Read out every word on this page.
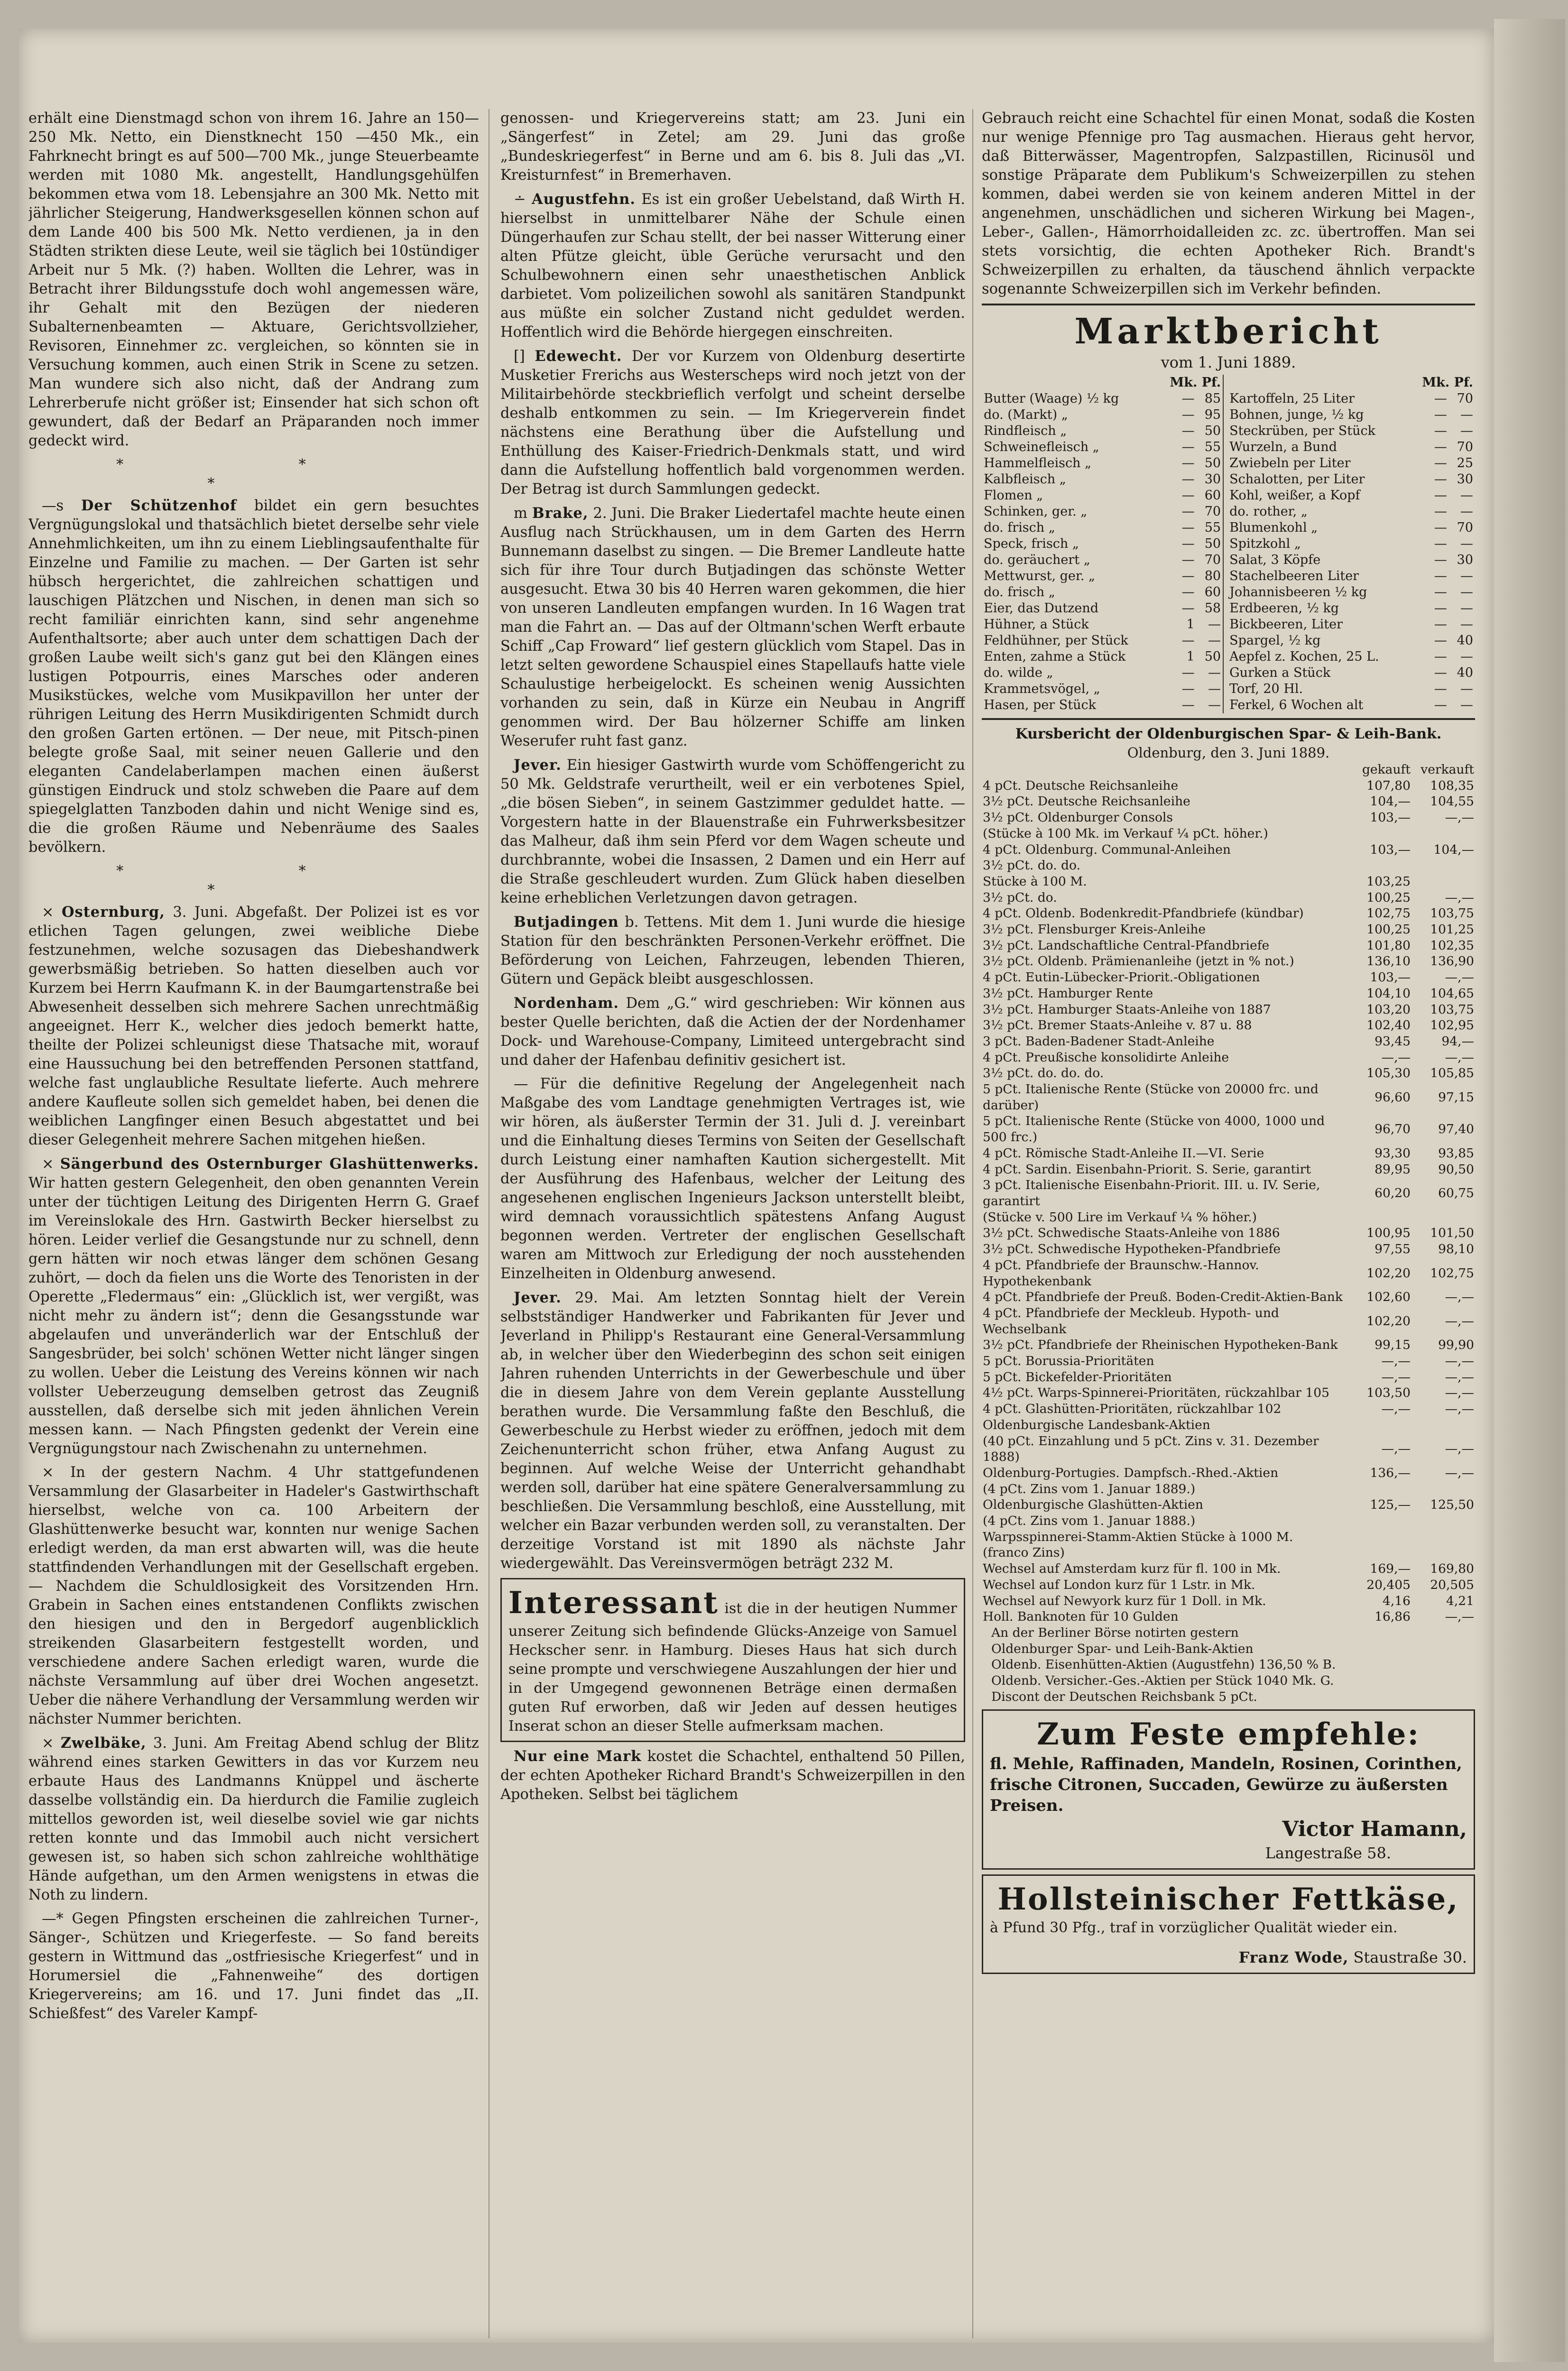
erhält eine Dienstmagd schon von ihrem 16. Jahre an 150—250 Mk. Netto, ein Dienstknecht 150 —450 Mk., ein Fahrknecht bringt es auf 500—700 Mk., junge Steuerbeamte werden mit 1080 Mk. angestellt, Handlungsgehülfen bekommen etwa vom 18. Lebensjahre an 300 Mk. Netto mit jährlicher Steigerung, Handwerksgesellen können schon auf dem Lande 400 bis 500 Mk. Netto verdienen, ja in den Städten strikten diese Leute, weil sie täglich bei 10stündiger Arbeit nur 5 Mk. (?) haben. Wollten die Lehrer, was in Betracht ihrer Bildungsstufe doch wohl angemessen wäre, ihr Gehalt mit den Bezügen der niederen Subalternenbeamten — Aktuare, Gerichtsvollzieher, Revisoren, Einnehmer zc. vergleichen, so könnten sie in Versuchung kommen, auch einen Strik in Scene zu setzen. Man wundere sich also nicht, daß der Andrang zum Lehrerberufe nicht größer ist; Einsender hat sich schon oft gewundert, daß der Bedarf an Präparanden noch immer gedeckt wird.

* * *

—s Der Schützenhof bildet ein gern besuchtes Vergnügungslokal und thatsächlich bietet derselbe sehr viele Annehmlichkeiten, um ihn zu einem Lieblingsaufenthalte für Einzelne und Familie zu machen. — Der Garten ist sehr hübsch hergerichtet, die zahlreichen schattigen und lauschigen Plätzchen und Nischen, in denen man sich so recht familiär einrichten kann, sind sehr angenehme Aufenthaltsorte; aber auch unter dem schattigen Dach der großen Laube weilt sich's ganz gut bei den Klängen eines lustigen Potpourris, eines Marsches oder anderen Musikstückes, welche vom Musikpavillon her unter der rührigen Leitung des Herrn Musikdirigenten Schmidt durch den großen Garten ertönen. — Der neue, mit Pitsch-pinen belegte große Saal, mit seiner neuen Gallerie und den eleganten Candelaberlampen machen einen äußerst günstigen Eindruck und stolz schweben die Paare auf dem spiegelglatten Tanzboden dahin und nicht Wenige sind es, die die großen Räume und Nebenräume des Saales bevölkern.

* * *

× Osternburg, 3. Juni. Abgefaßt. Der Polizei ist es vor etlichen Tagen gelungen, zwei weibliche Diebe festzunehmen, welche sozusagen das Diebeshandwerk gewerbsmäßig betrieben. So hatten dieselben auch vor Kurzem bei Herrn Kaufmann K. in der Baumgartenstraße bei Abwesenheit desselben sich mehrere Sachen unrechtmäßig angeeignet. Herr K., welcher dies jedoch bemerkt hatte, theilte der Polizei schleunigst diese Thatsache mit, worauf eine Haussuchung bei den betreffenden Personen stattfand, welche fast unglaubliche Resultate lieferte. Auch mehrere andere Kaufleute sollen sich gemeldet haben, bei denen die weiblichen Langfinger einen Besuch abgestattet und bei dieser Gelegenheit mehrere Sachen mitgehen hießen.

× Sängerbund des Osternburger Glashüttenwerks. Wir hatten gestern Gelegenheit, den oben genannten Verein unter der tüchtigen Leitung des Dirigenten Herrn G. Graef im Vereinslokale des Hrn. Gastwirth Becker hierselbst zu hören. Leider verlief die Gesangstunde nur zu schnell, denn gern hätten wir noch etwas länger dem schönen Gesang zuhört, — doch da fielen uns die Worte des Tenoristen in der Operette „Fledermaus“ ein: „Glücklich ist, wer vergißt, was nicht mehr zu ändern ist“; denn die Gesangsstunde war abgelaufen und unveränderlich war der Entschluß der Sangesbrüder, bei solch' schönen Wetter nicht länger singen zu wollen. Ueber die Leistung des Vereins können wir nach vollster Ueberzeugung demselben getrost das Zeugniß ausstellen, daß derselbe sich mit jeden ähnlichen Verein messen kann. — Nach Pfingsten gedenkt der Verein eine Vergnügungstour nach Zwischenahn zu unternehmen.

× In der gestern Nachm. 4 Uhr stattgefundenen Versammlung der Glasarbeiter in Hadeler's Gastwirthschaft hierselbst, welche von ca. 100 Arbeitern der Glashüttenwerke besucht war, konnten nur wenige Sachen erledigt werden, da man erst abwarten will, was die heute stattfindenden Verhandlungen mit der Gesellschaft ergeben. — Nachdem die Schuldlosigkeit des Vorsitzenden Hrn. Grabein in Sachen eines entstandenen Conflikts zwischen den hiesigen und den in Bergedorf augenblicklich streikenden Glasarbeitern festgestellt worden, und verschiedene andere Sachen erledigt waren, wurde die nächste Versammlung auf über drei Wochen angesetzt. Ueber die nähere Verhandlung der Versammlung werden wir nächster Nummer berichten.

× Zwelbäke, 3. Juni. Am Freitag Abend schlug der Blitz während eines starken Gewitters in das vor Kurzem neu erbaute Haus des Landmanns Knüppel und äscherte dasselbe vollständig ein. Da hierdurch die Familie zugleich mittellos geworden ist, weil dieselbe soviel wie gar nichts retten konnte und das Immobil auch nicht versichert gewesen ist, so haben sich schon zahlreiche wohlthätige Hände aufgethan, um den Armen wenigstens in etwas die Noth zu lindern.

—* Gegen Pfingsten erscheinen die zahlreichen Turner-, Sänger-, Schützen und Kriegerfeste. — So fand bereits gestern in Wittmund das „ostfriesische Kriegerfest“ und in Horumersiel die „Fahnenweihe“ des dortigen Kriegervereins; am 16. und 17. Juni findet das „II. Schießfest“ des Vareler Kampf-

genossen- und Kriegervereins statt; am 23. Juni ein „Sängerfest“ in Zetel; am 29. Juni das große „Bundeskriegerfest“ in Berne und am 6. bis 8. Juli das „VI. Kreisturnfest“ in Bremerhaven.

∸ Augustfehn. Es ist ein großer Uebelstand, daß Wirth H. hierselbst in unmittelbarer Nähe der Schule einen Düngerhaufen zur Schau stellt, der bei nasser Witterung einer alten Pfütze gleicht, üble Gerüche verursacht und den Schulbewohnern einen sehr unaesthetischen Anblick darbietet. Vom polizeilichen sowohl als sanitären Standpunkt aus müßte ein solcher Zustand nicht geduldet werden. Hoffentlich wird die Behörde hiergegen einschreiten.

[] Edewecht. Der vor Kurzem von Oldenburg desertirte Musketier Frerichs aus Westerscheps wird noch jetzt von der Militairbehörde steckbrieflich verfolgt und scheint derselbe deshalb entkommen zu sein. — Im Kriegerverein findet nächstens eine Berathung über die Aufstellung und Enthüllung des Kaiser-Friedrich-Denkmals statt, und wird dann die Aufstellung hoffentlich bald vorgenommen werden. Der Betrag ist durch Sammlungen gedeckt.

m Brake, 2. Juni. Die Braker Liedertafel machte heute einen Ausflug nach Strückhausen, um in dem Garten des Herrn Bunnemann daselbst zu singen. — Die Bremer Landleute hatte sich für ihre Tour durch Butjadingen das schönste Wetter ausgesucht. Etwa 30 bis 40 Herren waren gekommen, die hier von unseren Landleuten empfangen wurden. In 16 Wagen trat man die Fahrt an. — Das auf der Oltmann'schen Werft erbaute Schiff „Cap Froward“ lief gestern glücklich vom Stapel. Das in letzt selten gewordene Schauspiel eines Stapellaufs hatte viele Schaulustige herbeigelockt. Es scheinen wenig Aussichten vorhanden zu sein, daß in Kürze ein Neubau in Angriff genommen wird. Der Bau hölzerner Schiffe am linken Weserufer ruht fast ganz.

Jever. Ein hiesiger Gastwirth wurde vom Schöffengericht zu 50 Mk. Geldstrafe verurtheilt, weil er ein verbotenes Spiel, „die bösen Sieben“, in seinem Gastzimmer geduldet hatte. — Vorgestern hatte in der Blauenstraße ein Fuhrwerksbesitzer das Malheur, daß ihm sein Pferd vor dem Wagen scheute und durchbrannte, wobei die Insassen, 2 Damen und ein Herr auf die Straße geschleudert wurden. Zum Glück haben dieselben keine erheblichen Verletzungen davon getragen.

Butjadingen b. Tettens. Mit dem 1. Juni wurde die hiesige Station für den beschränkten Personen-Verkehr eröffnet. Die Beförderung von Leichen, Fahrzeugen, lebenden Thieren, Gütern und Gepäck bleibt ausgeschlossen.

Nordenham. Dem „G.“ wird geschrieben: Wir können aus bester Quelle berichten, daß die Actien der der Nordenhamer Dock- und Warehouse-Company, Limiteed untergebracht sind und daher der Hafenbau definitiv gesichert ist.

— Für die definitive Regelung der Angelegenheit nach Maßgabe des vom Landtage genehmigten Vertrages ist, wie wir hören, als äußerster Termin der 31. Juli d. J. vereinbart und die Einhaltung dieses Termins von Seiten der Gesellschaft durch Leistung einer namhaften Kaution sichergestellt. Mit der Ausführung des Hafenbaus, welcher der Leitung des angesehenen englischen Ingenieurs Jackson unterstellt bleibt, wird demnach voraussichtlich spätestens Anfang August begonnen werden. Vertreter der englischen Gesellschaft waren am Mittwoch zur Erledigung der noch ausstehenden Einzelheiten in Oldenburg anwesend.

Jever. 29. Mai. Am letzten Sonntag hielt der Verein selbstständiger Handwerker und Fabrikanten für Jever und Jeverland in Philipp's Restaurant eine General-Versammlung ab, in welcher über den Wiederbeginn des schon seit einigen Jahren ruhenden Unterrichts in der Gewerbeschule und über die in diesem Jahre von dem Verein geplante Ausstellung berathen wurde. Die Versammlung faßte den Beschluß, die Gewerbeschule zu Herbst wieder zu eröffnen, jedoch mit dem Zeichenunterricht schon früher, etwa Anfang August zu beginnen. Auf welche Weise der Unterricht gehandhabt werden soll, darüber hat eine spätere Generalversammlung zu beschließen. Die Versammlung beschloß, eine Ausstellung, mit welcher ein Bazar verbunden werden soll, zu veranstalten. Der derzeitige Vorstand ist mit 1890 als nächste Jahr wiedergewählt. Das Vereinsvermögen beträgt 232 M.

Interessant ist die in der heutigen Nummer unserer Zeitung sich befindende Glücks-Anzeige von Samuel Heckscher senr. in Hamburg. Dieses Haus hat sich durch seine prompte und verschwiegene Auszahlungen der hier und in der Umgegend gewonnenen Beträge einen dermaßen guten Ruf erworben, daß wir Jeden auf dessen heutiges Inserat schon an dieser Stelle aufmerksam machen.

Nur eine Mark kostet die Schachtel, enthaltend 50 Pillen, der echten Apotheker Richard Brandt's Schweizerpillen in den Apotheken. Selbst bei täglichem

Gebrauch reicht eine Schachtel für einen Monat, sodaß die Kosten nur wenige Pfennige pro Tag ausmachen. Hieraus geht hervor, daß Bitterwässer, Magentropfen, Salzpastillen, Ricinusöl und sonstige Präparate dem Publikum's Schweizerpillen zu stehen kommen, dabei werden sie von keinem anderen Mittel in der angenehmen, unschädlichen und sicheren Wirkung bei Magen-, Leber-, Gallen-, Hämorrhoidalleiden zc. zc. übertroffen. Man sei stets vorsichtig, die echten Apotheker Rich. Brandt's Schweizerpillen zu erhalten, da täuschend ähnlich verpackte sogenannte Schweizerpillen sich im Verkehr befinden.

Marktbericht
vom 1. Juni 1889.
Mk. Pf.				Mk. Pf.		
Butter (Waage) ½ kg	—	85		Kartoffeln, 25 Liter	—	70
do. (Markt) „	—	95		Bohnen, junge, ½ kg	—	—
Rindfleisch „	—	50		Steckrüben, per Stück	—	—
Schweinefleisch „	—	55		Wurzeln, a Bund	—	70
Hammelfleisch „	—	50		Zwiebeln per Liter	—	25
Kalbfleisch „	—	30		Schalotten, per Liter	—	30
Flomen „	—	60		Kohl, weißer, a Kopf	—	—
Schinken, ger. „	—	70		do. rother, „	—	—
do. frisch „	—	55		Blumenkohl „	—	70
Speck, frisch „	—	50		Spitzkohl „	—	—
do. geräuchert „	—	70		Salat, 3 Köpfe	—	30
Mettwurst, ger. „	—	80		Stachelbeeren Liter	—	—
do. frisch „	—	60		Johannisbeeren ½ kg	—	—
Eier, das Dutzend	—	58		Erdbeeren, ½ kg	—	—
Hühner, a Stück	1	—		Bickbeeren, Liter	—	—
Feldhühner, per Stück	—	—		Spargel, ½ kg	—	40
Enten, zahme a Stück	1	50		Aepfel z. Kochen, 25 L.	—	—
do. wilde „	—	—		Gurken a Stück	—	40
Krammetsvögel, „	—	—		Torf, 20 Hl.	—	—
Hasen, per Stück	—	—		Ferkel, 6 Wochen alt	—	—
Kursbericht der Oldenburgischen Spar- & Leih-Bank.
Oldenburg, den 3. Juni 1889.
	gekauft	verkauft
4 pCt. Deutsche Reichsanleihe	107,80	108,35
3½ pCt. Deutsche Reichsanleihe	104,—	104,55
3½ pCt. Oldenburger Consols	103,—	—,—
(Stücke à 100 Mk. im Verkauf ¼ pCt. höher.)		
4 pCt. Oldenburg. Communal-Anleihen	103,—	104,—
3½ pCt. do. do.		
Stücke à 100 M.	103,25	
3½ pCt. do.	100,25	—,—
4 pCt. Oldenb. Bodenkredit-Pfandbriefe (kündbar)	102,75	103,75
3½ pCt. Flensburger Kreis-Anleihe	100,25	101,25
3½ pCt. Landschaftliche Central-Pfandbriefe	101,80	102,35
3½ pCt. Oldenb. Prämienanleihe (jetzt in % not.)	136,10	136,90
4 pCt. Eutin-Lübecker-Priorit.-Obligationen	103,—	—,—
3½ pCt. Hamburger Rente	104,10	104,65
3½ pCt. Hamburger Staats-Anleihe von 1887	103,20	103,75
3½ pCt. Bremer Staats-Anleihe v. 87 u. 88	102,40	102,95
3 pCt. Baden-Badener Stadt-Anleihe	93,45	94,—
4 pCt. Preußische konsolidirte Anleihe	—,—	—,—
3½ pCt. do. do. do.	105,30	105,85
5 pCt. Italienische Rente (Stücke von 20000 frc. und darüber)	96,60	97,15
5 pCt. Italienische Rente (Stücke von 4000, 1000 und 500 frc.)	96,70	97,40
4 pCt. Römische Stadt-Anleihe II.—VI. Serie	93,30	93,85
4 pCt. Sardin. Eisenbahn-Priorit. S. Serie, garantirt	89,95	90,50
3 pCt. Italienische Eisenbahn-Priorit. III. u. IV. Serie, garantirt	60,20	60,75
(Stücke v. 500 Lire im Verkauf ¼ % höher.)		
3½ pCt. Schwedische Staats-Anleihe von 1886	100,95	101,50
3½ pCt. Schwedische Hypotheken-Pfandbriefe	97,55	98,10
4 pCt. Pfandbriefe der Braunschw.-Hannov. Hypothekenbank	102,20	102,75
4 pCt. Pfandbriefe der Preuß. Boden-Credit-Aktien-Bank	102,60	—,—
4 pCt. Pfandbriefe der Meckleub. Hypoth- und Wechselbank	102,20	—,—
3½ pCt. Pfandbriefe der Rheinischen Hypotheken-Bank	99,15	99,90
5 pCt. Borussia-Prioritäten	—,—	—,—
5 pCt. Bickefelder-Prioritäten	—,—	—,—
4½ pCt. Warps-Spinnerei-Prioritäten, rückzahlbar 105	103,50	—,—
4 pCt. Glashütten-Prioritäten, rückzahlbar 102	—,—	—,—
Oldenburgische Landesbank-Aktien		
(40 pCt. Einzahlung und 5 pCt. Zins v. 31. Dezember 1888)	—,—	—,—
Oldenburg-Portugies. Dampfsch.-Rhed.-Aktien	136,—	—,—
(4 pCt. Zins vom 1. Januar 1889.)		
Oldenburgische Glashütten-Aktien	125,—	125,50
(4 pCt. Zins vom 1. Januar 1888.)		
Warpsspinnerei-Stamm-Aktien Stücke à 1000 M.		
(franco Zins)		
Wechsel auf Amsterdam kurz für fl. 100 in Mk.	169,—	169,80
Wechsel auf London kurz für 1 Lstr. in Mk.	20,405	20,505
Wechsel auf Newyork kurz für 1 Doll. in Mk.	4,16	4,21
Holl. Banknoten für 10 Gulden	16,86	—,—
An der Berliner Börse notirten gestern
Oldenburger Spar- und Leih-Bank-Aktien
Oldenb. Eisenhütten-Aktien (Augustfehn) 136,50 % B.
Oldenb. Versicher.-Ges.-Aktien per Stück 1040 Mk. G.
Discont der Deutschen Reichsbank 5 pCt.
Zum Feste empfehle:
fl. Mehle, Raffinaden, Mandeln, Rosinen, Corinthen, frische Citronen, Succaden, Gewürze zu äußersten Preisen.
Victor Hamann,
Langestraße 58.
Hollsteinischer Fettkäse,
à Pfund 30 Pfg., traf in vorzüglicher Qualität wieder ein.
Franz Wode, Staustraße 30.
